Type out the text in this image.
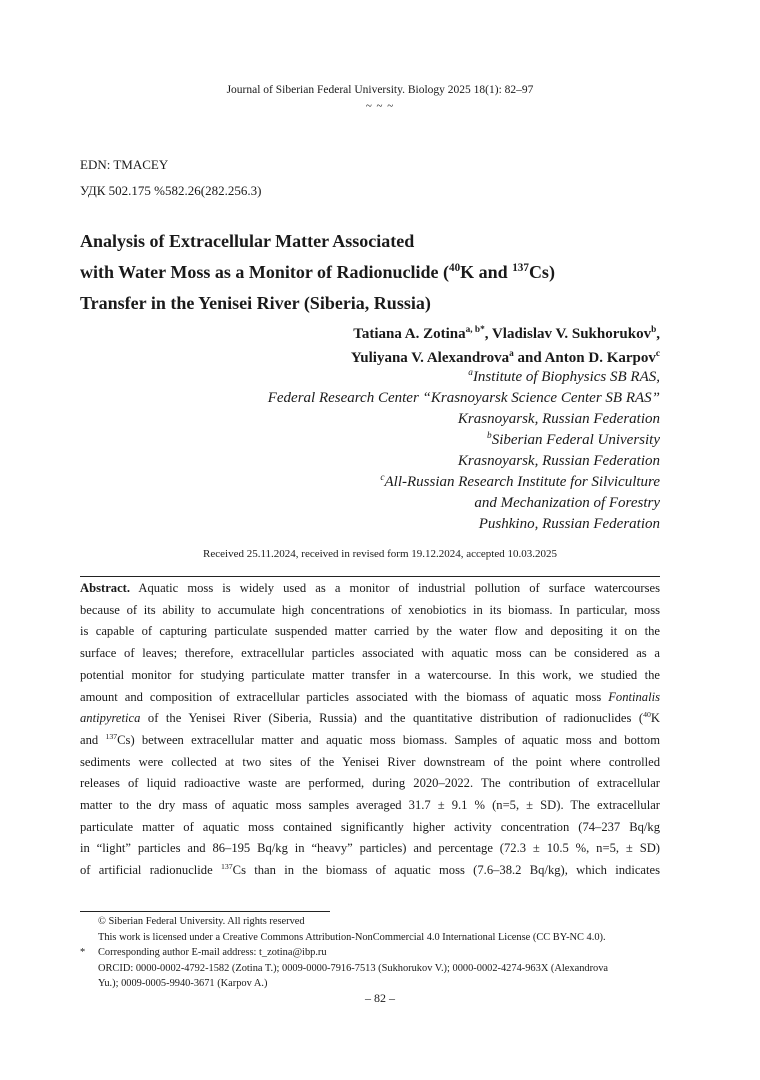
Journal of Siberian Federal University. Biology 2025 18(1): 82–97
~ ~ ~
EDN: TMACEY
УДК 502.175 %582.26(282.256.3)
Analysis of Extracellular Matter Associated
with Water Moss as a Monitor of Radionuclide ($^{40}$K and $^{137}$Cs)
Transfer in the Yenisei River (Siberia, Russia)
Tatiana A. Zotina$^{a, b*}$, Vladislav V. Sukhorukov$^b$,
Yuliyana V. Alexandrova$^a$ and Anton D. Karpov$^c$
$^a$Institute of Biophysics SB RAS,
Federal Research Center “Krasnoyarsk Science Center SB RAS”
Krasnoyarsk, Russian Federation
$^b$Siberian Federal University
Krasnoyarsk, Russian Federation
$^c$All-Russian Research Institute for Silviculture
and Mechanization of Forestry
Pushkino, Russian Federation
Received 25.11.2024, received in revised form 19.12.2024, accepted 10.03.2025
Abstract. Aquatic moss is widely used as a monitor of industrial pollution of surface watercourses
because of its ability to accumulate high concentrations of xenobiotics in its biomass. In particular, moss
is capable of capturing particulate suspended matter carried by the water flow and depositing it on the
surface of leaves; therefore, extracellular particles associated with aquatic moss can be considered as a
potential monitor for studying particulate matter transfer in a watercourse. In this work, we studied the
amount and composition of extracellular particles associated with the biomass of aquatic moss Fontinalis
antipyretica of the Yenisei River (Siberia, Russia) and the quantitative distribution of radionuclides ($^{40}$K
and $^{137}$Cs) between extracellular matter and aquatic moss biomass. Samples of aquatic moss and bottom
sediments were collected at two sites of the Yenisei River downstream of the point where controlled
releases of liquid radioactive waste are performed, during 2020–2022. The contribution of extracellular
matter to the dry mass of aquatic moss samples averaged 31.7 ± 9.1 % (n=5, ± SD). The extracellular
particulate matter of aquatic moss contained significantly higher activity concentration (74–237 Bq/kg
in “light” particles and 86–195 Bq/kg in “heavy” particles) and percentage (72.3 ± 10.5 %, n=5, ± SD)
of artificial radionuclide $^{137}$Cs than in the biomass of aquatic moss (7.6–38.2 Bq/kg), which indicates
© Siberian Federal University. All rights reserved
This work is licensed under a Creative Commons Attribution-NonCommercial 4.0 International License (CC BY-NC 4.0).
*	Corresponding author E-mail address: t_zotina@ibp.ru
ORCID: 0000-0002-4792-1582 (Zotina T.); 0009-0000-7916-7513 (Sukhorukov V.); 0000-0002-4274-963X (Alexandrova
Yu.); 0009-0005-9940-3671 (Karpov A.)
– 82 –
